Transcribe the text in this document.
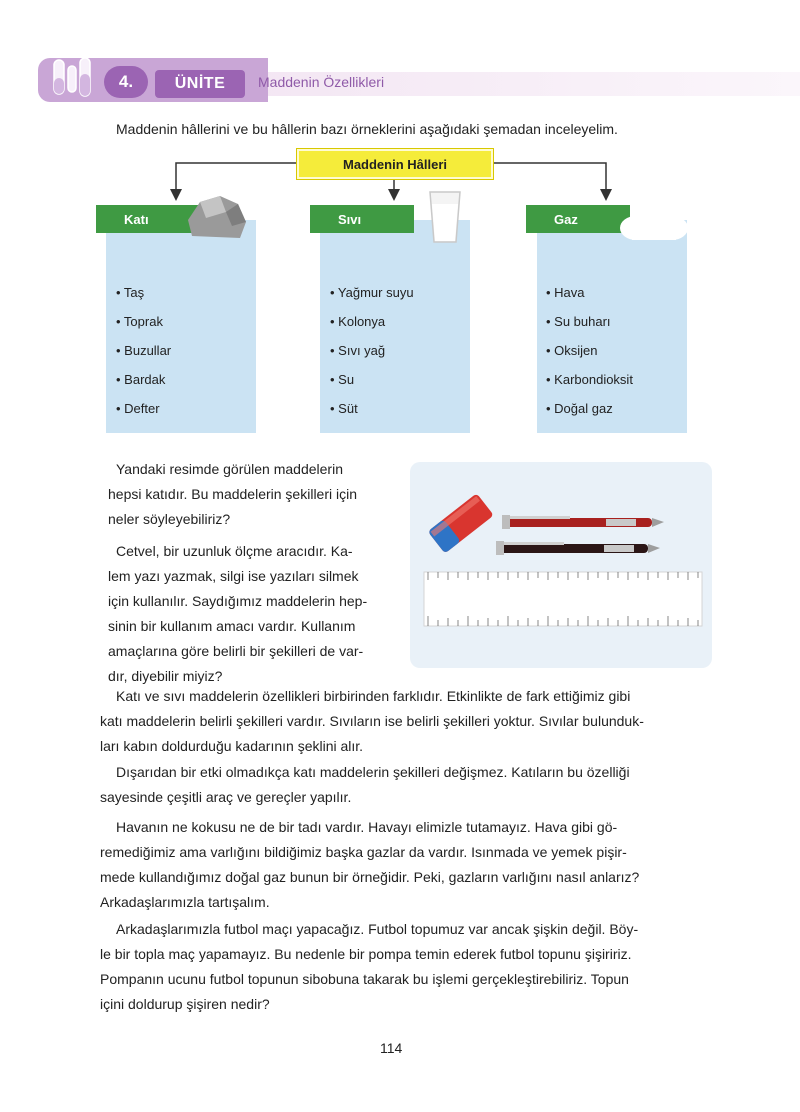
4.	ÜNİTE	Maddenin Özellikleri
Maddenin hâllerini ve bu hâllerin bazı örneklerini aşağıdaki şemadan inceleyelim.
Maddenin Hâlleri
Katı
• Taş
• Toprak
• Buzullar
• Bardak
• Defter
Sıvı
• Yağmur suyu
• Kolonya
• Sıvı yağ
• Su
• Süt
Gaz
• Hava
• Su buharı
• Oksijen
• Karbondioksit
• Doğal gaz
Yandaki resimde görülen maddelerin
hepsi katıdır. Bu maddelerin şekilleri için
neler söyleyebiliriz?
Cetvel, bir uzunluk ölçme aracıdır. Ka-
lem yazı yazmak, silgi ise yazıları silmek
için kullanılır. Saydığımız maddelerin hep-
sinin bir kullanım amacı vardır. Kullanım
amaçlarına göre belirli bir şekilleri de var-
dır, diyebilir miyiz?
Katı ve sıvı maddelerin özellikleri birbirinden farklıdır. Etkinlikte de fark ettiğimiz gibi
katı maddelerin belirli şekilleri vardır. Sıvıların ise belirli şekilleri yoktur. Sıvılar bulunduk-
ları kabın doldurduğu kadarının şeklini alır.
Dışarıdan bir etki olmadıkça katı maddelerin şekilleri değişmez. Katıların bu özelliği
sayesinde çeşitli araç ve gereçler yapılır.
Havanın ne kokusu ne de bir tadı vardır. Havayı elimizle tutamayız. Hava gibi gö-
remediğimiz ama varlığını bildiğimiz başka gazlar da vardır. Isınmada ve yemek pişir-
mede kullandığımız doğal gaz bunun bir örneğidir. Peki, gazların varlığını nasıl anlarız?
Arkadaşlarımızla tartışalım.
Arkadaşlarımızla futbol maçı yapacağız. Futbol topumuz var ancak şişkin değil. Böy-
le bir topla maç yapamayız. Bu nedenle bir pompa temin ederek futbol topunu şişiririz.
Pompanın ucunu futbol topunun sibobuna takarak bu işlemi gerçekleştirebiliriz. Topun
içini doldurup şişiren nedir?
114
